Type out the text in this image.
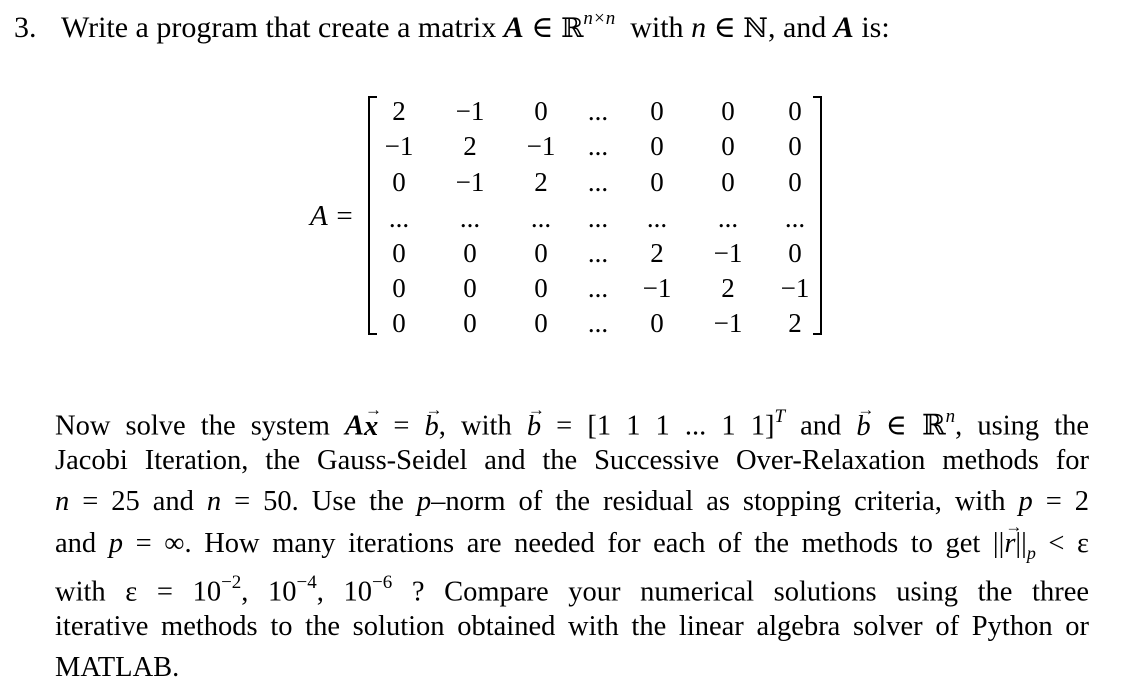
3. Write a program that create a matrix A ∈ ℝ$^{n\times n}$ with n ∈ ℕ, and A is:
A =
2	−1	0	...	0	0	0
−1	2	−1	...	0	0	0
0	−1	2	...	0	0	0
...	...	...	...	...	...	...
0	0	0	...	2	−1	0
0	0	0	...	−1	2	−1
0	0	0	...	0	−1	2
Now solve the system A→ x = → b, with → b = [1 1 1 ... 1 1]$^T$ and → b ∈ ℝ$^n$, using the
Jacobi Iteration, the Gauss-Seidel and the Successive Over-Relaxation methods for
n = 25 and n = 50. Use the p–norm of the residual as stopping criteria, with p = 2
and p = ∞. How many iterations are needed for each of the methods to get ||→ $r||_p < \varepsilon$
with $\varepsilon = 10^{-2}$, $10^{-4}$, $10^{-6}$ ? Compare your numerical solutions using the three
iterative methods to the solution obtained with the linear algebra solver of Python or
MATLAB.
